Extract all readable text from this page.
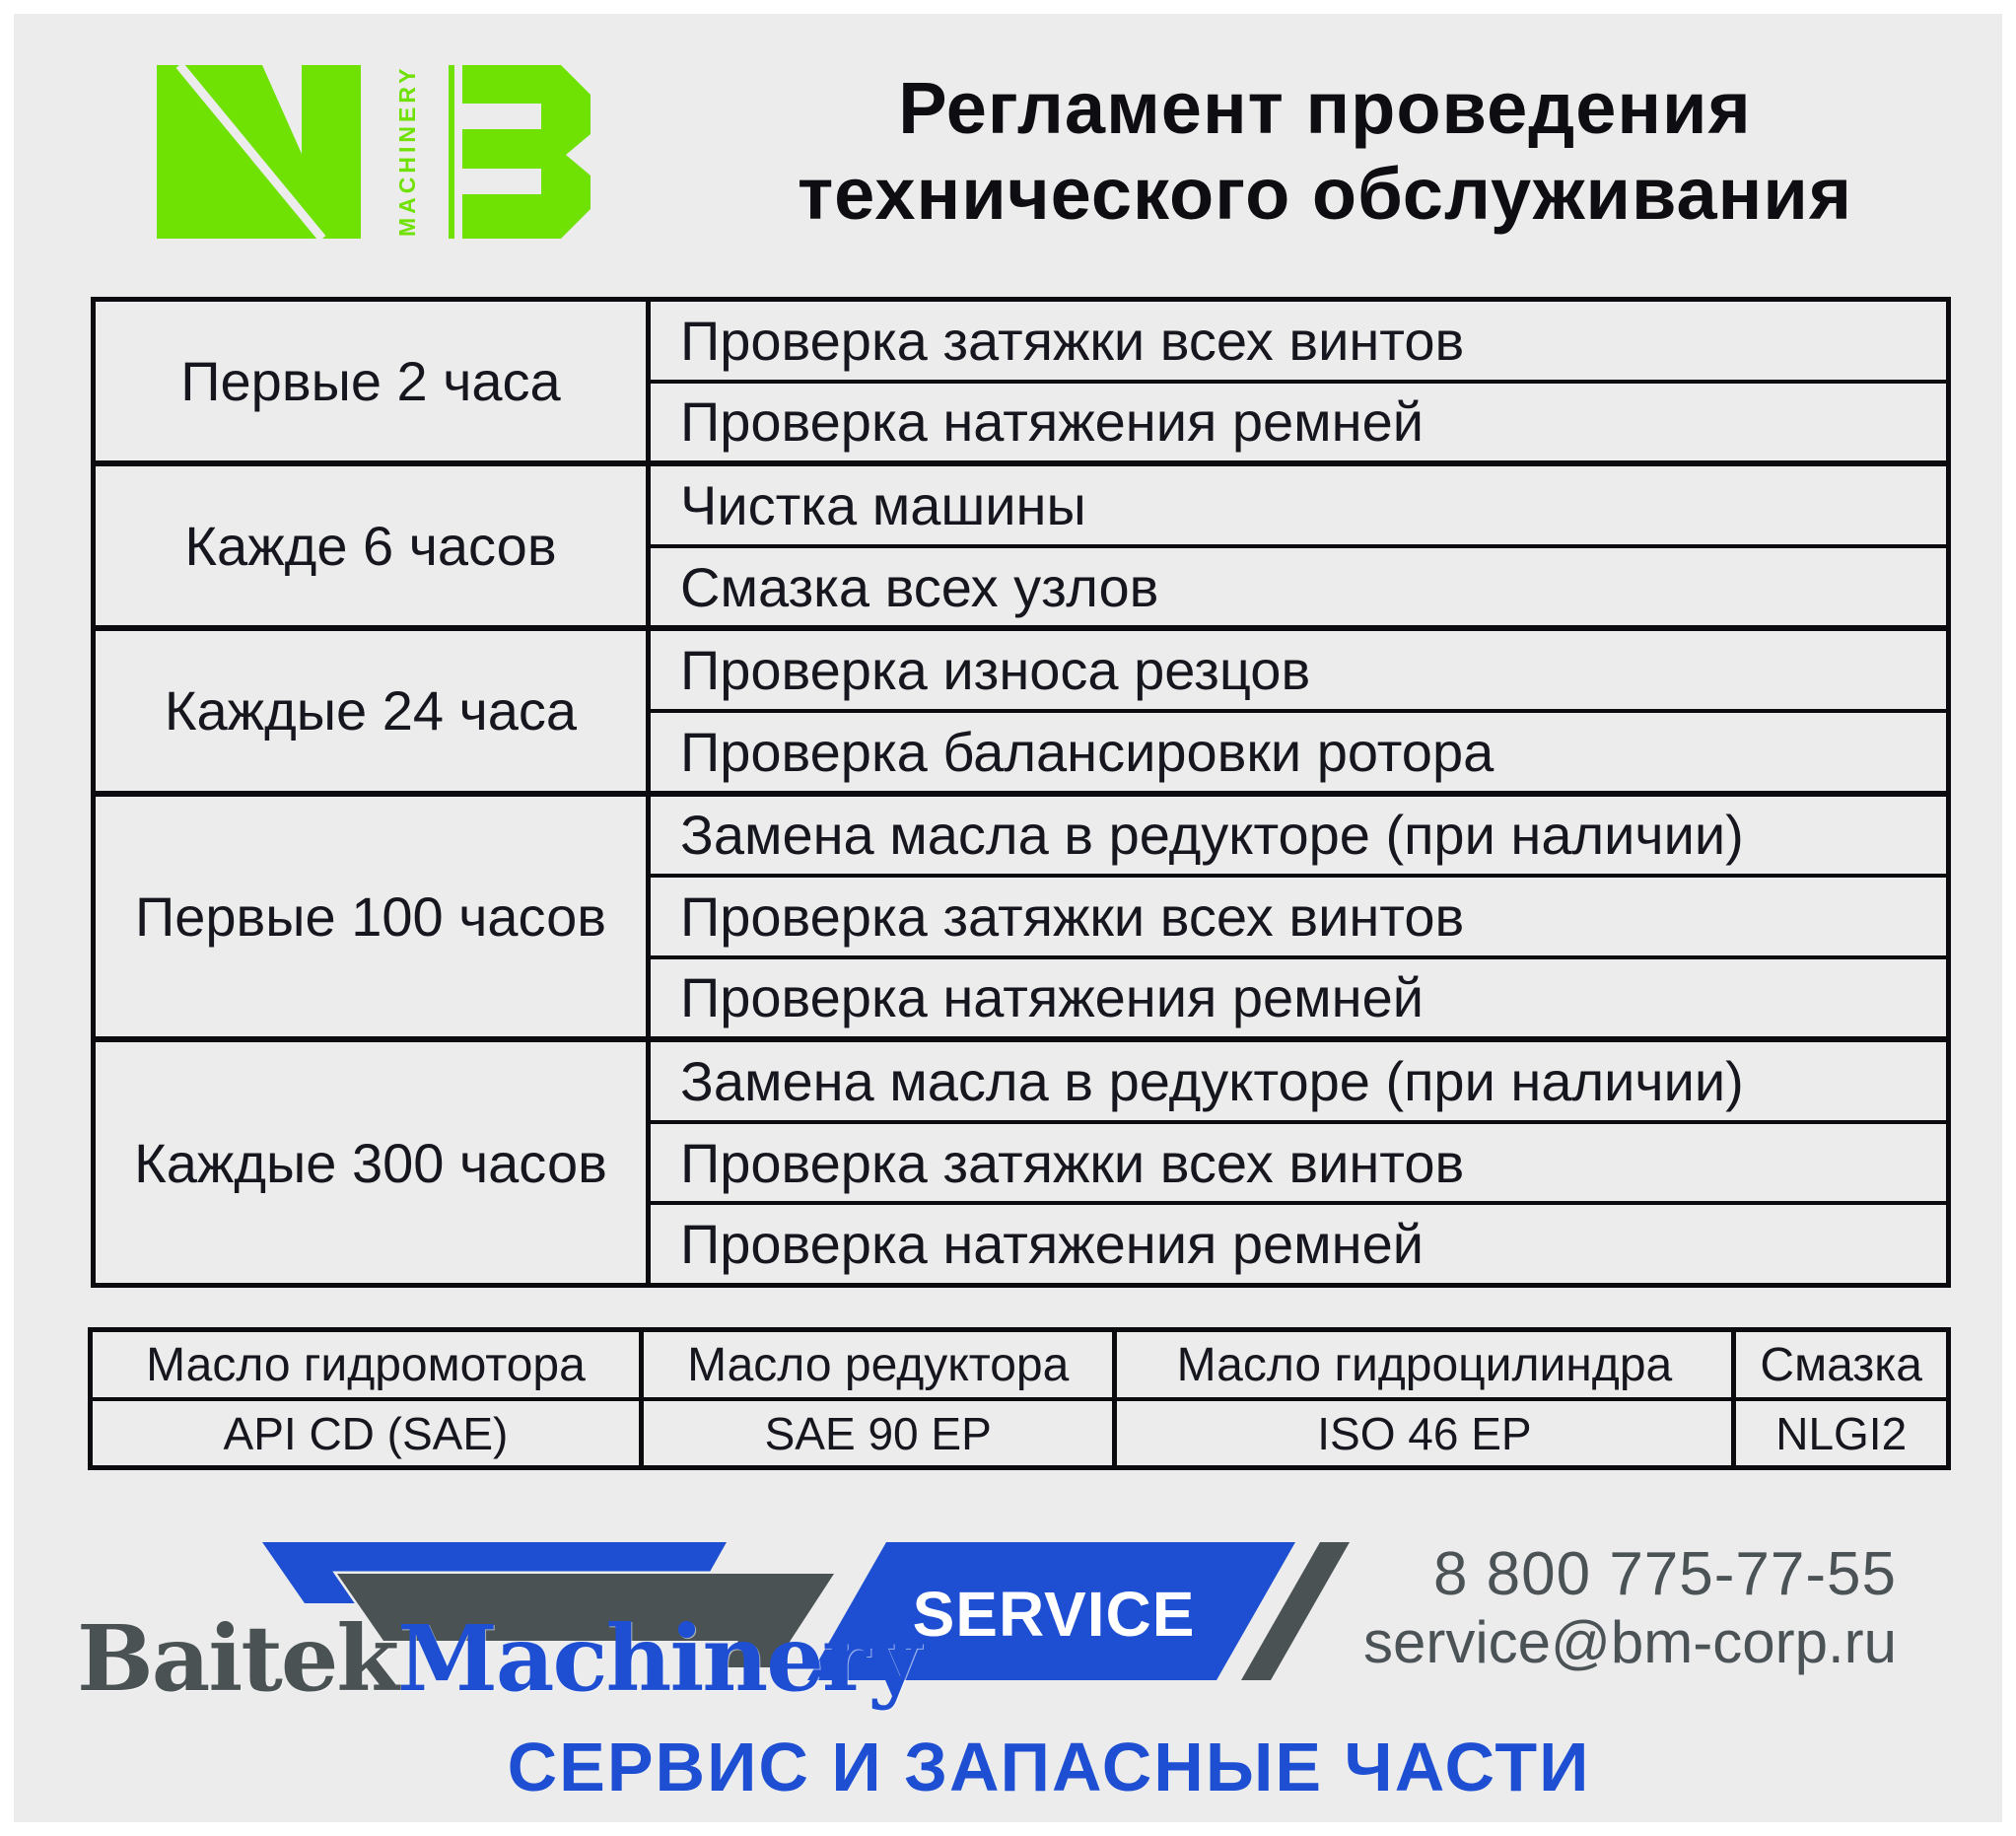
MACHINERY	Регламент проведения
технического обслуживания
Первые 2 часа
Проверка затяжки всех винтов
Проверка натяжения ремней
Кажде 6 часов
Чистка машины
Смазка всех узлов
Каждые 24 часа
Проверка износа резцов
Проверка балансировки ротора
Первые 100 часов
Замена масла в редукторе (при наличии)
Проверка затяжки всех винтов
Проверка натяжения ремней
Каждые 300 часов
Замена масла в редукторе (при наличии)
Проверка затяжки всех винтов
Проверка натяжения ремней
Масло гидромотора
API CD (SAE)
Масло редуктора
SAE 90 EP
Масло гидроцилиндра
ISO 46 EP
Смазка
NLGI2
BaitekMachinery
SERVICE
8 800 775-77-55
service@bm-corp.ru
СЕРВИС И ЗАПАСНЫЕ ЧАСТИ
